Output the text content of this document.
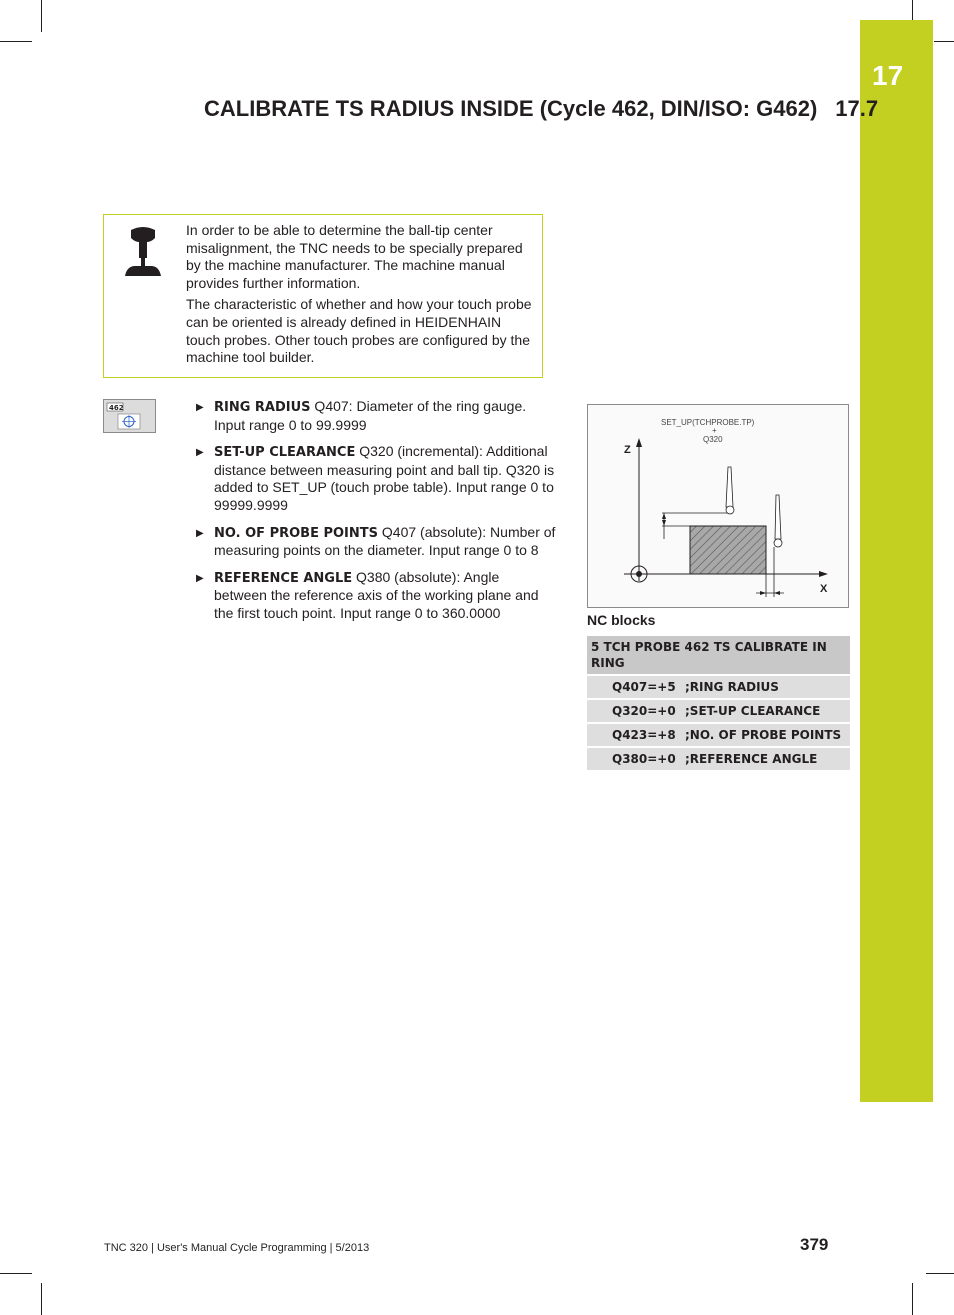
17
CALIBRATE TS RADIUS INSIDE (Cycle 462, DIN/ISO: G462) 17.7

In order to be able to determine the ball-tip center misalignment, the TNC needs to be specially prepared by the machine manufacturer. The machine manual provides further information.

The characteristic of whether and how your touch probe can be oriented is already defined in HEIDENHAIN touch probes. Other touch probes are configured by the machine tool builder.

462	▶ RING RADIUS Q407: Diameter of the ring gauge. Input range 0 to 99.9999
▶ SET-UP CLEARANCE Q320 (incremental): Additional distance between measuring point and ball tip. Q320 is added to SET_UP (touch probe table). Input range 0 to 99999.9999
▶ NO. OF PROBE POINTS Q407 (absolute): Number of measuring points on the diameter. Input range 0 to 8
▶ REFERENCE ANGLE Q380 (absolute): Angle between the reference axis of the working plane and the first touch point. Input range 0 to 360.0000
SET_UP(TCHPROBE.TP)
+
Q320
Z
X
NC blocks
5 TCH PROBE 462 TS CALIBRATE IN RING
Q407=+5 ;RING RADIUS
Q320=+0 ;SET-UP CLEARANCE
Q423=+8 ;NO. OF PROBE POINTS
Q380=+0 ;REFERENCE ANGLE
TNC 320 | User's Manual Cycle Programming | 5/2013	379
